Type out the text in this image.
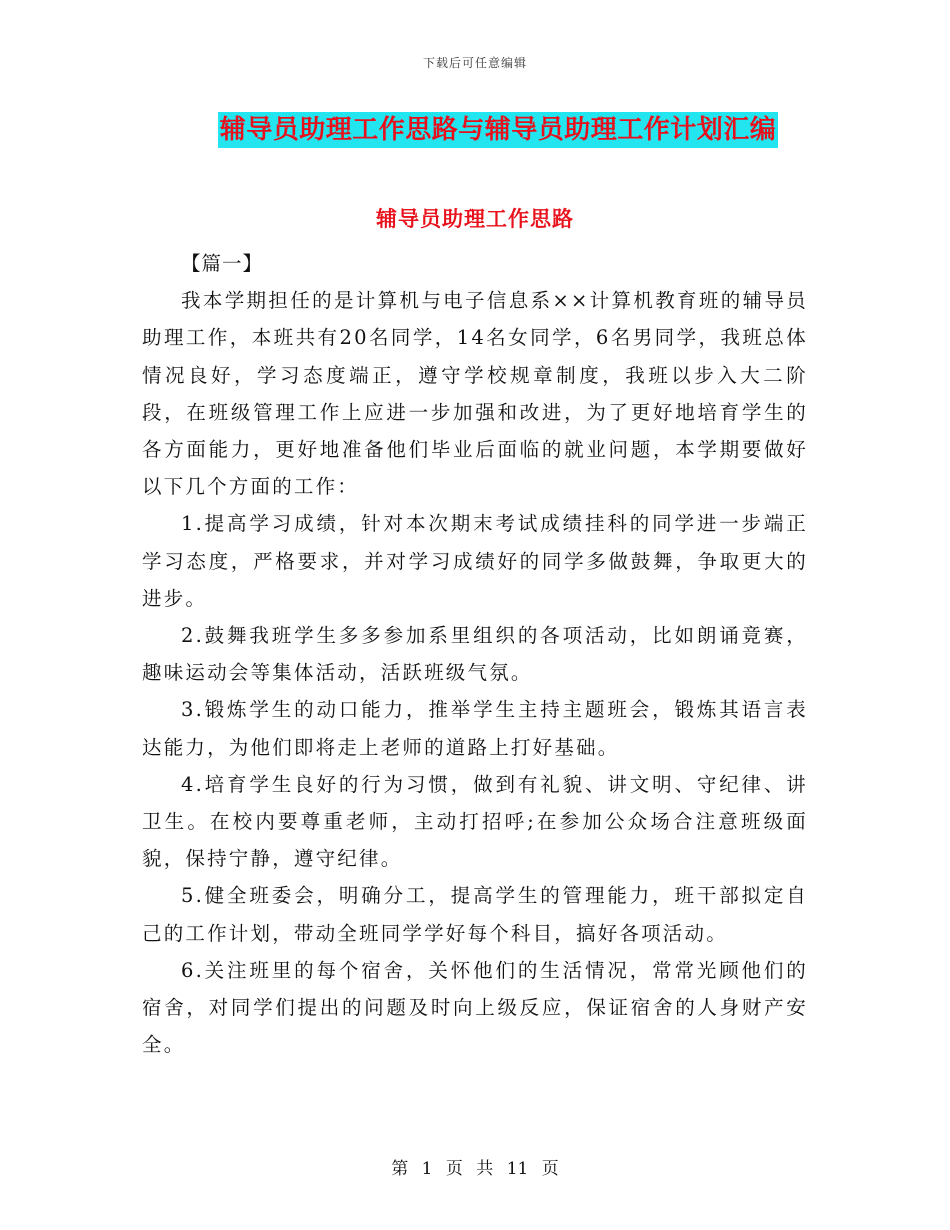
下载后可任意编辑
辅导员助理工作思路与辅导员助理工作计划汇编
辅导员助理工作思路

【篇一】

我本学期担任的是计算机与电子信息系××计算机教育班的辅导员助理工作，本班共有20名同学，14名女同学，6名男同学，我班总体情况良好，学习态度端正，遵守学校规章制度，我班以步入大二阶段，在班级管理工作上应进一步加强和改进，为了更好地培育学生的各方面能力，更好地准备他们毕业后面临的就业问题，本学期要做好以下几个方面的工作：

1.提高学习成绩，针对本次期末考试成绩挂科的同学进一步端正学习态度，严格要求，并对学习成绩好的同学多做鼓舞，争取更大的进步。

2.鼓舞我班学生多多参加系里组织的各项活动，比如朗诵竟赛，趣味运动会等集体活动，活跃班级气氛。

3.锻炼学生的动口能力，推举学生主持主题班会，锻炼其语言表达能力，为他们即将走上老师的道路上打好基础。

4.培育学生良好的行为习惯，做到有礼貌、讲文明、守纪律、讲卫生。在校内要尊重老师，主动打招呼;在参加公众场合注意班级面貌，保持宁静，遵守纪律。

5.健全班委会，明确分工，提高学生的管理能力，班干部拟定自己的工作计划，带动全班同学学好每个科目，搞好各项活动。

6.关注班里的每个宿舍，关怀他们的生活情况，常常光顾他们的宿舍，对同学们提出的问题及时向上级反应，保证宿舍的人身财产安全。

第 1 页 共 11 页
